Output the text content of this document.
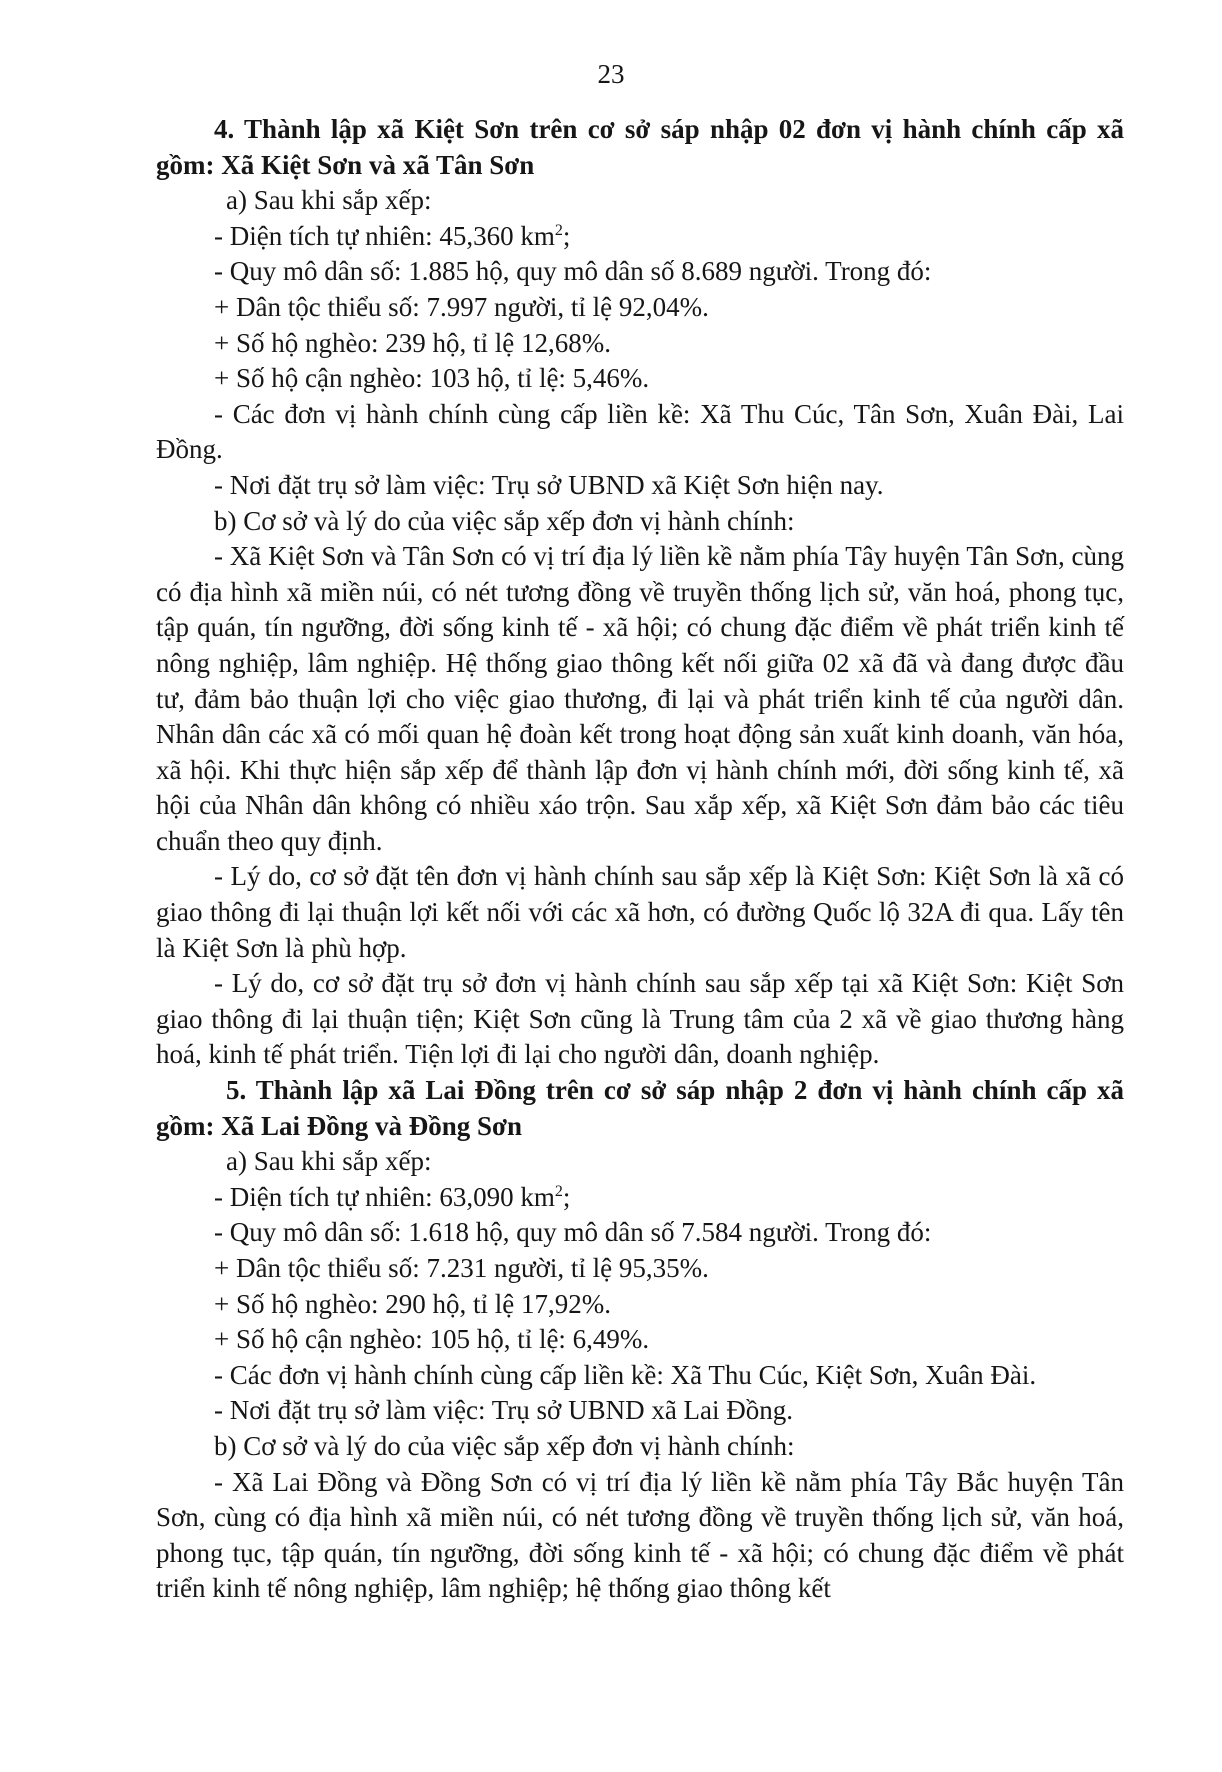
23

4. Thành lập xã Kiệt Sơn trên cơ sở sáp nhập 02 đơn vị hành chính cấp xã gồm: Xã Kiệt Sơn và xã Tân Sơn

a) Sau khi sắp xếp:

- Diện tích tự nhiên: 45,360 $km^2$;

- Quy mô dân số: 1.885 hộ, quy mô dân số 8.689 người. Trong đó:

+ Dân tộc thiểu số: 7.997 người, tỉ lệ 92,04%.

+ Số hộ nghèo: 239 hộ, tỉ lệ 12,68%.

+ Số hộ cận nghèo: 103 hộ, tỉ lệ: 5,46%.

- Các đơn vị hành chính cùng cấp liền kề: Xã Thu Cúc, Tân Sơn, Xuân Đài, Lai Đồng.

- Nơi đặt trụ sở làm việc: Trụ sở UBND xã Kiệt Sơn hiện nay.

b) Cơ sở và lý do của việc sắp xếp đơn vị hành chính:

- Xã Kiệt Sơn và Tân Sơn có vị trí địa lý liền kề nằm phía Tây huyện Tân Sơn, cùng có địa hình xã miền núi, có nét tương đồng về truyền thống lịch sử, văn hoá, phong tục, tập quán, tín ngưỡng, đời sống kinh tế - xã hội; có chung đặc điểm về phát triển kinh tế nông nghiệp, lâm nghiệp. Hệ thống giao thông kết nối giữa 02 xã đã và đang được đầu tư, đảm bảo thuận lợi cho việc giao thương, đi lại và phát triển kinh tế của người dân. Nhân dân các xã có mối quan hệ đoàn kết trong hoạt động sản xuất kinh doanh, văn hóa, xã hội. Khi thực hiện sắp xếp để thành lập đơn vị hành chính mới, đời sống kinh tế, xã hội của Nhân dân không có nhiều xáo trộn. Sau xắp xếp, xã Kiệt Sơn đảm bảo các tiêu chuẩn theo quy định.

- Lý do, cơ sở đặt tên đơn vị hành chính sau sắp xếp là Kiệt Sơn: Kiệt Sơn là xã có giao thông đi lại thuận lợi kết nối với các xã hơn, có đường Quốc lộ 32A đi qua. Lấy tên là Kiệt Sơn là phù hợp.

- Lý do, cơ sở đặt trụ sở đơn vị hành chính sau sắp xếp tại xã Kiệt Sơn: Kiệt Sơn giao thông đi lại thuận tiện; Kiệt Sơn cũng là Trung tâm của 2 xã về giao thương hàng hoá, kinh tế phát triển. Tiện lợi đi lại cho người dân, doanh nghiệp.

5. Thành lập xã Lai Đồng trên cơ sở sáp nhập 2 đơn vị hành chính cấp xã gồm: Xã Lai Đồng và Đồng Sơn

a) Sau khi sắp xếp:

- Diện tích tự nhiên: 63,090 $km^2$;

- Quy mô dân số: 1.618 hộ, quy mô dân số 7.584 người. Trong đó:

+ Dân tộc thiểu số: 7.231 người, tỉ lệ 95,35%.

+ Số hộ nghèo: 290 hộ, tỉ lệ 17,92%.

+ Số hộ cận nghèo: 105 hộ, tỉ lệ: 6,49%.

- Các đơn vị hành chính cùng cấp liền kề: Xã Thu Cúc, Kiệt Sơn, Xuân Đài.

- Nơi đặt trụ sở làm việc: Trụ sở UBND xã Lai Đồng.

b) Cơ sở và lý do của việc sắp xếp đơn vị hành chính:

- Xã Lai Đồng và Đồng Sơn có vị trí địa lý liền kề nằm phía Tây Bắc huyện Tân Sơn, cùng có địa hình xã miền núi, có nét tương đồng về truyền thống lịch sử, văn hoá, phong tục, tập quán, tín ngưỡng, đời sống kinh tế - xã hội; có chung đặc điểm về phát triển kinh tế nông nghiệp, lâm nghiệp; hệ thống giao thông kết
